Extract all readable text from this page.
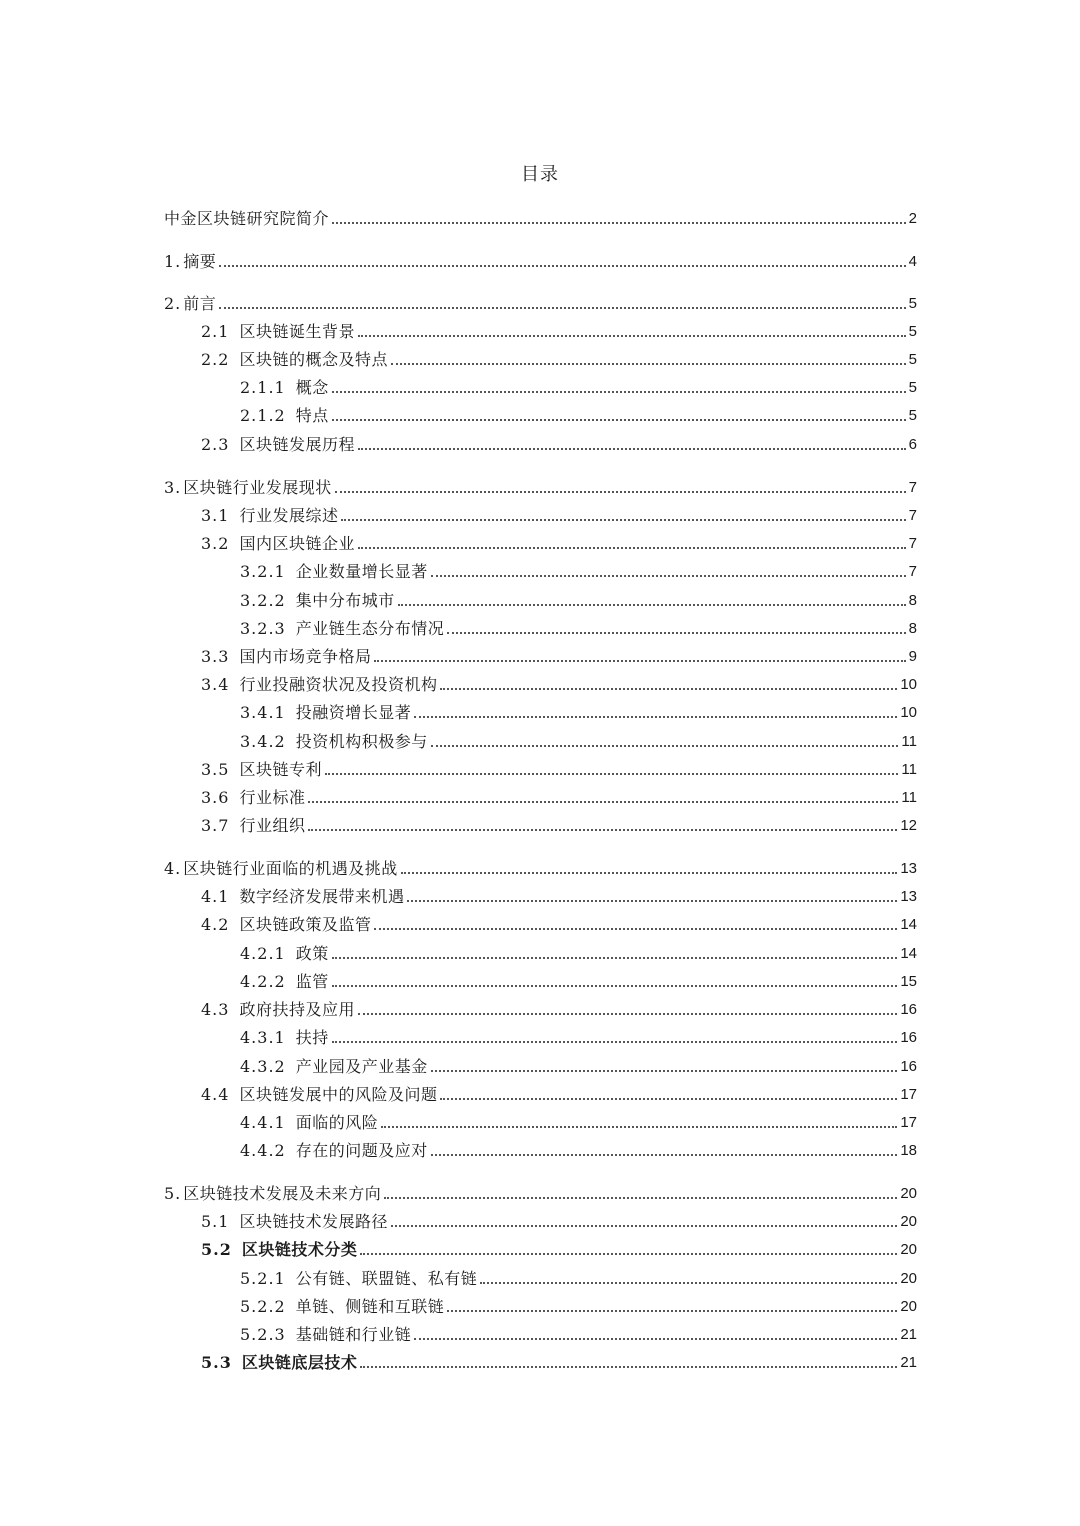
目录
中金区块链研究院简介	2
1. 摘要	4
2. 前言	5
2.1 区块链诞生背景	5
2.2 区块链的概念及特点	5
2.1.1 概念	5
2.1.2 特点	5
2.3 区块链发展历程	6
3. 区块链行业发展现状	7
3.1 行业发展综述	7
3.2 国内区块链企业	7
3.2.1 企业数量增长显著	7
3.2.2 集中分布城市	8
3.2.3 产业链生态分布情况	8
3.3 国内市场竞争格局	9
3.4 行业投融资状况及投资机构	10
3.4.1 投融资增长显著	10
3.4.2 投资机构积极参与	11
3.5 区块链专利	11
3.6 行业标准	11
3.7 行业组织	12
4. 区块链行业面临的机遇及挑战	13
4.1 数字经济发展带来机遇	13
4.2 区块链政策及监管	14
4.2.1 政策	14
4.2.2 监管	15
4.3 政府扶持及应用	16
4.3.1 扶持	16
4.3.2 产业园及产业基金	16
4.4 区块链发展中的风险及问题	17
4.4.1 面临的风险	17
4.4.2 存在的问题及应对	18
5. 区块链技术发展及未来方向	20
5.1 区块链技术发展路径	20
5.2 区块链技术分类	20
5.2.1 公有链、联盟链、私有链	20
5.2.2 单链、侧链和互联链	20
5.2.3 基础链和行业链	21
5.3 区块链底层技术	21
